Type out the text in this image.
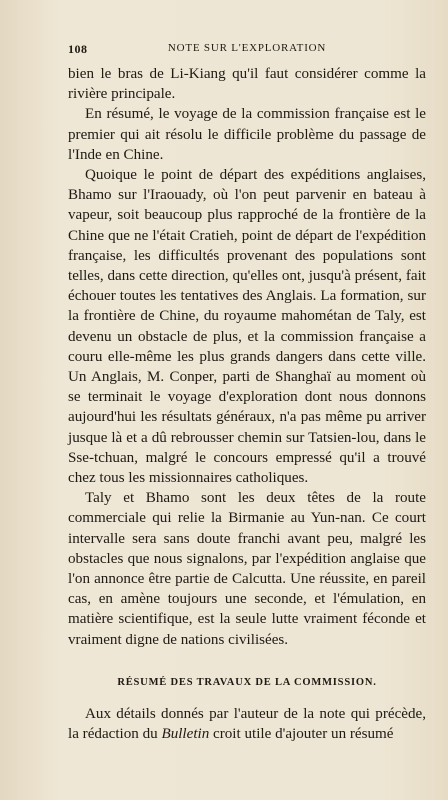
108	NOTE SUR L'EXPLORATION

bien le bras de Li-Kiang qu'il faut considérer comme la rivière principale.

En résumé, le voyage de la commission française est le premier qui ait résolu le difficile problème du passage de l'Inde en Chine.

Quoique le point de départ des expéditions anglaises, Bhamo sur l'Iraouady, où l'on peut parvenir en bateau à vapeur, soit beaucoup plus rapproché de la frontière de la Chine que ne l'était Cratieh, point de départ de l'expédition française, les difficultés provenant des populations sont telles, dans cette direction, qu'elles ont, jusqu'à présent, fait échouer toutes les tentatives des Anglais. La formation, sur la frontière de Chine, du royaume mahométan de Taly, est devenu un obstacle de plus, et la commission française a couru elle-même les plus grands dangers dans cette ville. Un Anglais, M. Conper, parti de Shanghaï au moment où se terminait le voyage d'exploration dont nous donnons aujourd'hui les résultats généraux, n'a pas même pu arriver jusque là et a dû rebrousser chemin sur Tatsien-lou, dans le Sse-tchuan, malgré le concours empressé qu'il a trouvé chez tous les missionnaires catholiques.

Taly et Bhamo sont les deux têtes de la route commerciale qui relie la Birmanie au Yun-nan. Ce court intervalle sera sans doute franchi avant peu, malgré les obstacles que nous signalons, par l'expédition anglaise que l'on annonce être partie de Calcutta. Une réussite, en pareil cas, en amène toujours une seconde, et l'émulation, en matière scientifique, est la seule lutte vraiment féconde et vraiment digne de nations civilisées.

RÉSUMÉ DES TRAVAUX DE LA COMMISSION.

Aux détails donnés par l'auteur de la note qui précède, la rédaction du Bulletin croit utile d'ajouter un résumé
